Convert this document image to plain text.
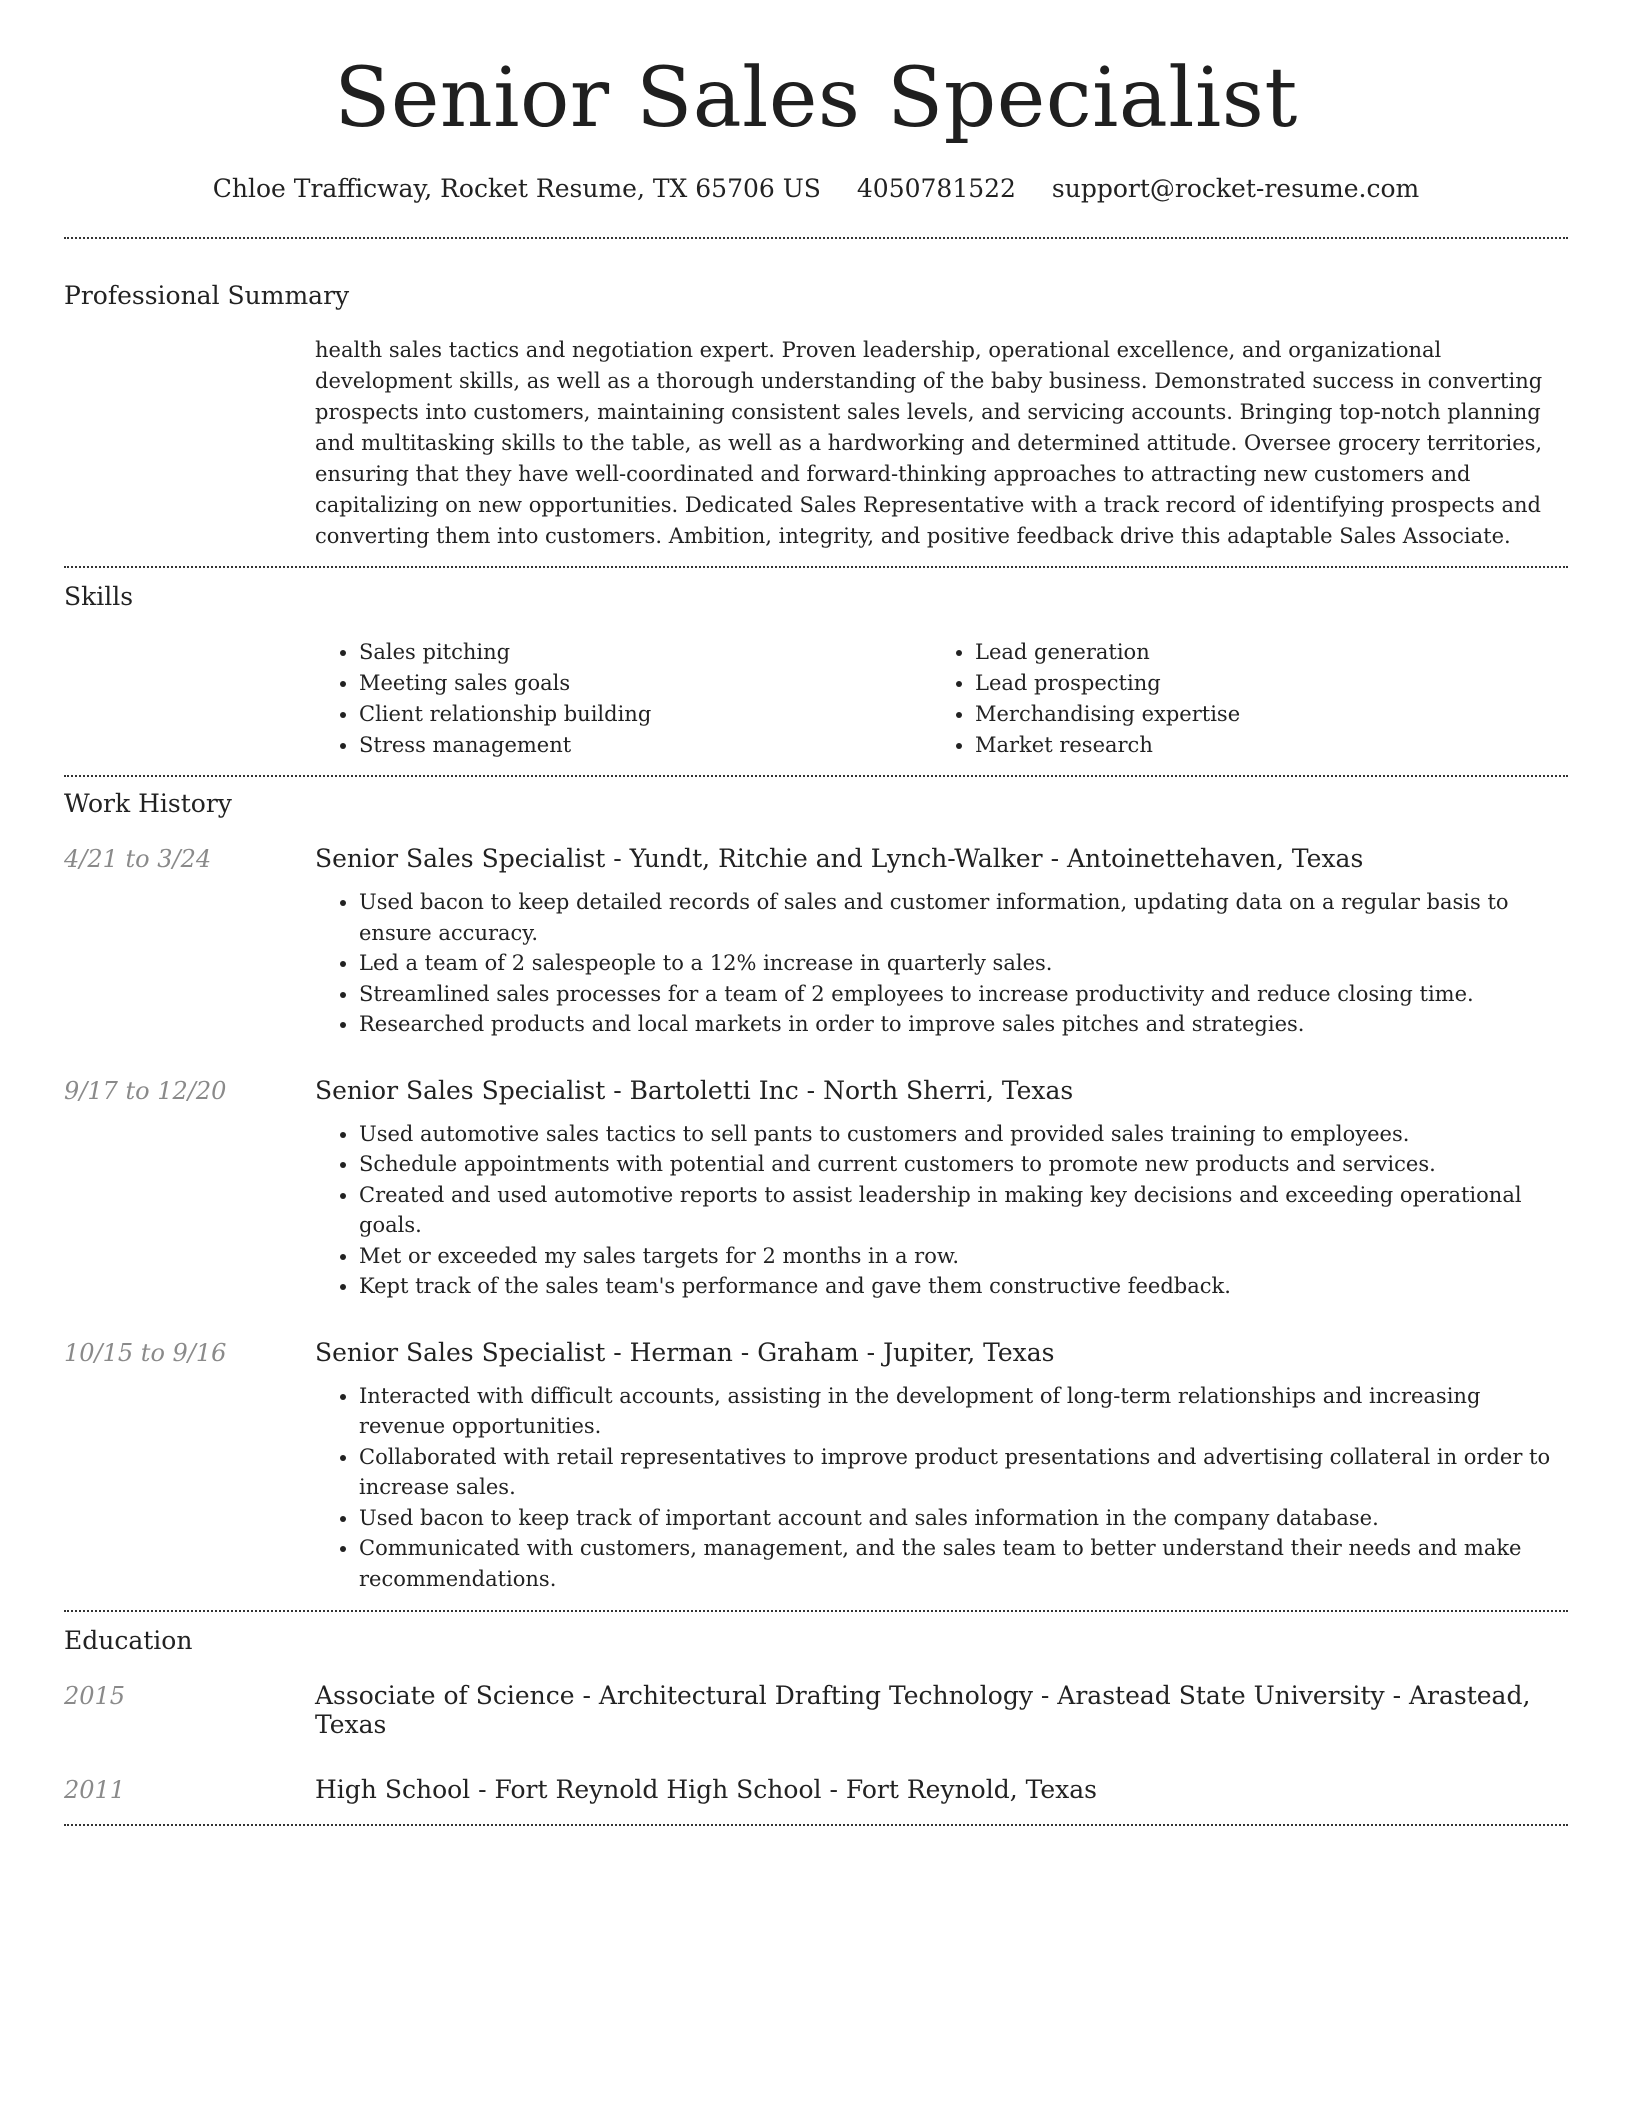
Senior Sales Specialist
Chloe Trafficway, Rocket Resume, TX 65706 US 4050781522 support@rocket-resume.com
Professional Summary
health sales tactics and negotiation expert. Proven leadership, operational excellence, and organizational development skills, as well as a thorough understanding of the baby business. Demonstrated success in converting prospects into customers, maintaining consistent sales levels, and servicing accounts. Bringing top-notch planning and multitasking skills to the table, as well as a hardworking and determined attitude. Oversee grocery territories, ensuring that they have well-coordinated and forward-thinking approaches to attracting new customers and capitalizing on new opportunities. Dedicated Sales Representative with a track record of identifying prospects and converting them into customers. Ambition, integrity, and positive feedback drive this adaptable Sales Associate.
Skills
• Sales pitching
• Meeting sales goals
• Client relationship building
• Stress management
• Lead generation
• Lead prospecting
• Merchandising expertise
• Market research
Work History
4/21 to 3/24	Senior Sales Specialist - Yundt, Ritchie and Lynch-Walker - Antoinettehaven, Texas
• Used bacon to keep detailed records of sales and customer information, updating data on a regular basis to ensure accuracy.
• Led a team of 2 salespeople to a 12% increase in quarterly sales.
• Streamlined sales processes for a team of 2 employees to increase productivity and reduce closing time.
• Researched products and local markets in order to improve sales pitches and strategies.
9/17 to 12/20	Senior Sales Specialist - Bartoletti Inc - North Sherri, Texas
• Used automotive sales tactics to sell pants to customers and provided sales training to employees.
• Schedule appointments with potential and current customers to promote new products and services.
• Created and used automotive reports to assist leadership in making key decisions and exceeding operational goals.
• Met or exceeded my sales targets for 2 months in a row.
• Kept track of the sales team's performance and gave them constructive feedback.
10/15 to 9/16	Senior Sales Specialist - Herman - Graham - Jupiter, Texas
• Interacted with difficult accounts, assisting in the development of long-term relationships and increasing revenue opportunities.
• Collaborated with retail representatives to improve product presentations and advertising collateral in order to increase sales.
• Used bacon to keep track of important account and sales information in the company database.
• Communicated with customers, management, and the sales team to better understand their needs and make recommendations.
Education
2015	Associate of Science - Architectural Drafting Technology - Arastead State University - Arastead, Texas
2011	High School - Fort Reynold High School - Fort Reynold, Texas
